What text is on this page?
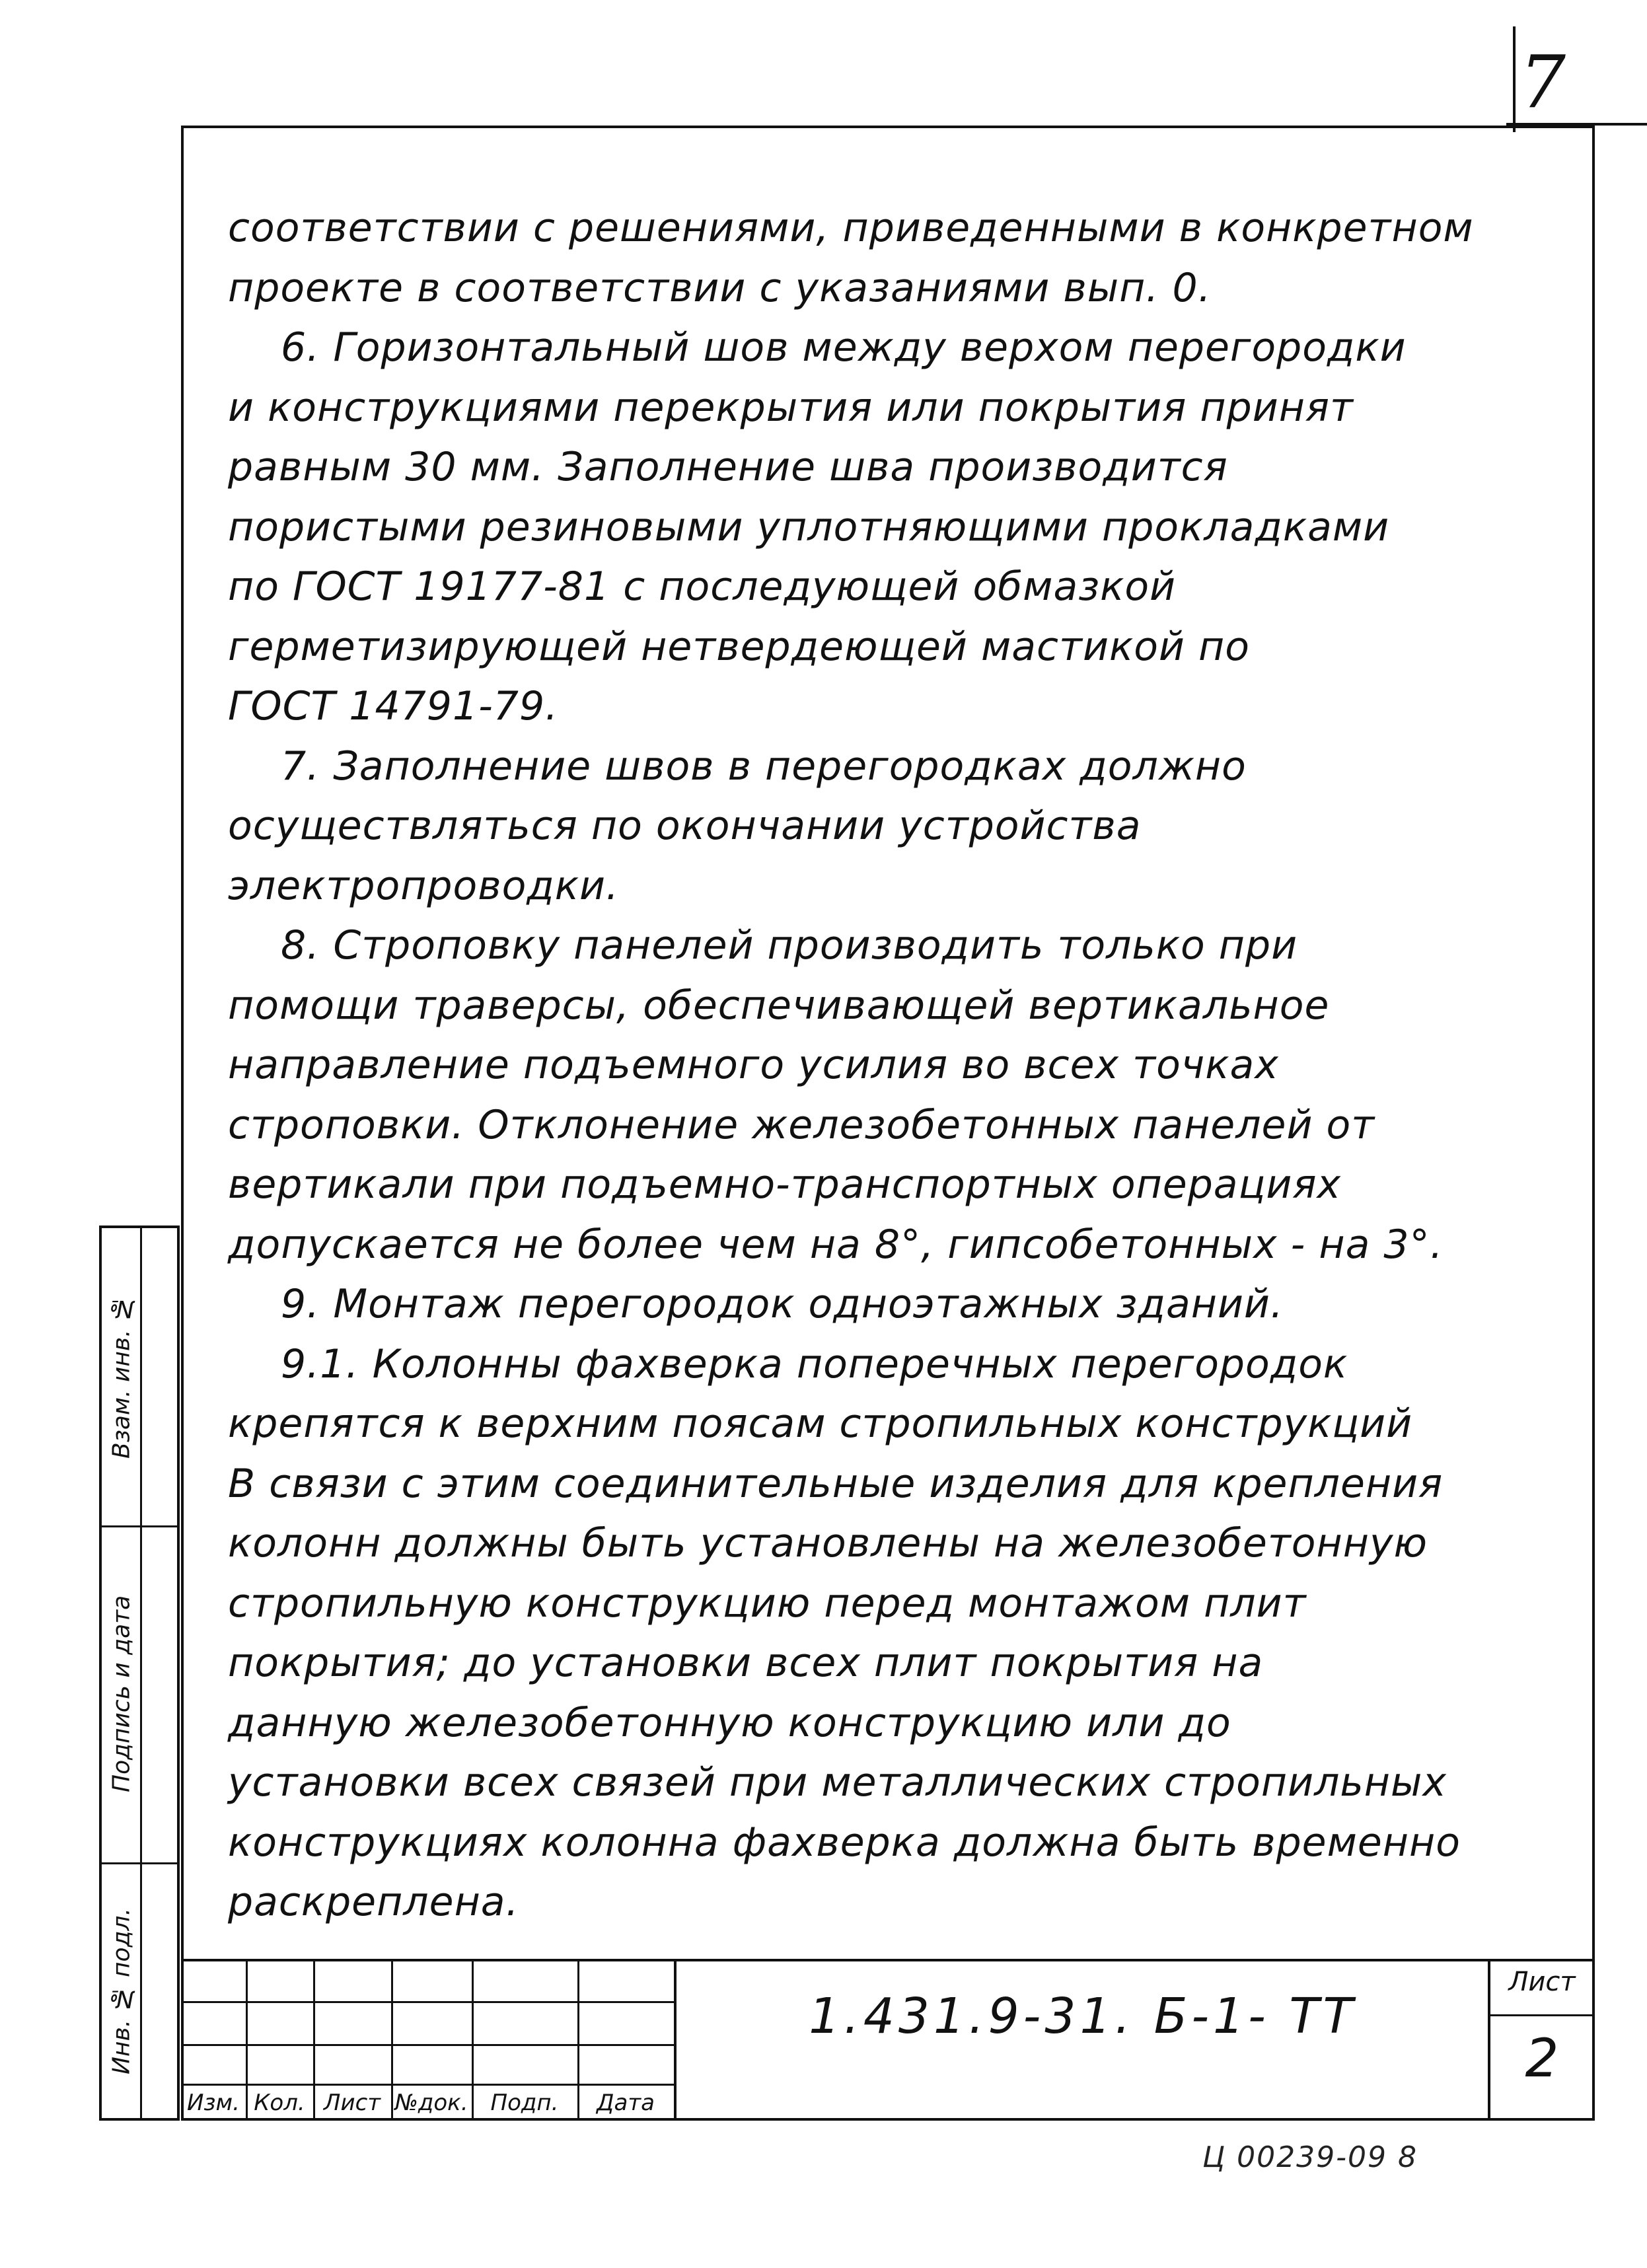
7
соответствии с решениями, приведенными в конкретном
проекте в соответствии с указаниями вып. 0.
6. Горизонтальный шов между верхом перегородки
и конструкциями перекрытия или покрытия принят
равным 30 мм. Заполнение шва производится
пористыми резиновыми уплотняющими прокладками
по ГОСТ 19177-81 с последующей обмазкой
герметизирующей нетвердеющей мастикой по
ГОСТ 14791-79.
7. Заполнение швов в перегородках должно
осуществляться по окончании устройства
электропроводки.
8. Строповку панелей производить только при
помощи траверсы, обеспечивающей вертикальное
направление подъемного усилия во всех точках
строповки. Отклонение железобетонных панелей от
вертикали при подъемно-транспортных операциях
допускается не более чем на 8°, гипсобетонных - на 3°.
9. Монтаж перегородок одноэтажных зданий.
9.1. Колонны фахверка поперечных перегородок
крепятся к верхним поясам стропильных конструкций
В связи с этим соединительные изделия для крепления
колонн должны быть установлены на железобетонную
стропильную конструкцию перед монтажом плит
покрытия; до установки всех плит покрытия на
данную железобетонную конструкцию или до
установки всех связей при металлических стропильных
конструкциях колонна фахверка должна быть временно
раскреплена.
Взам. инв. №
Подпись и дата
Инв. № подл.
Изм. Кол. Лист №док.	Подп.	Дата
1.431.9-31. Б-1- ТТ
Лист
2
Ц 00239-09 8
